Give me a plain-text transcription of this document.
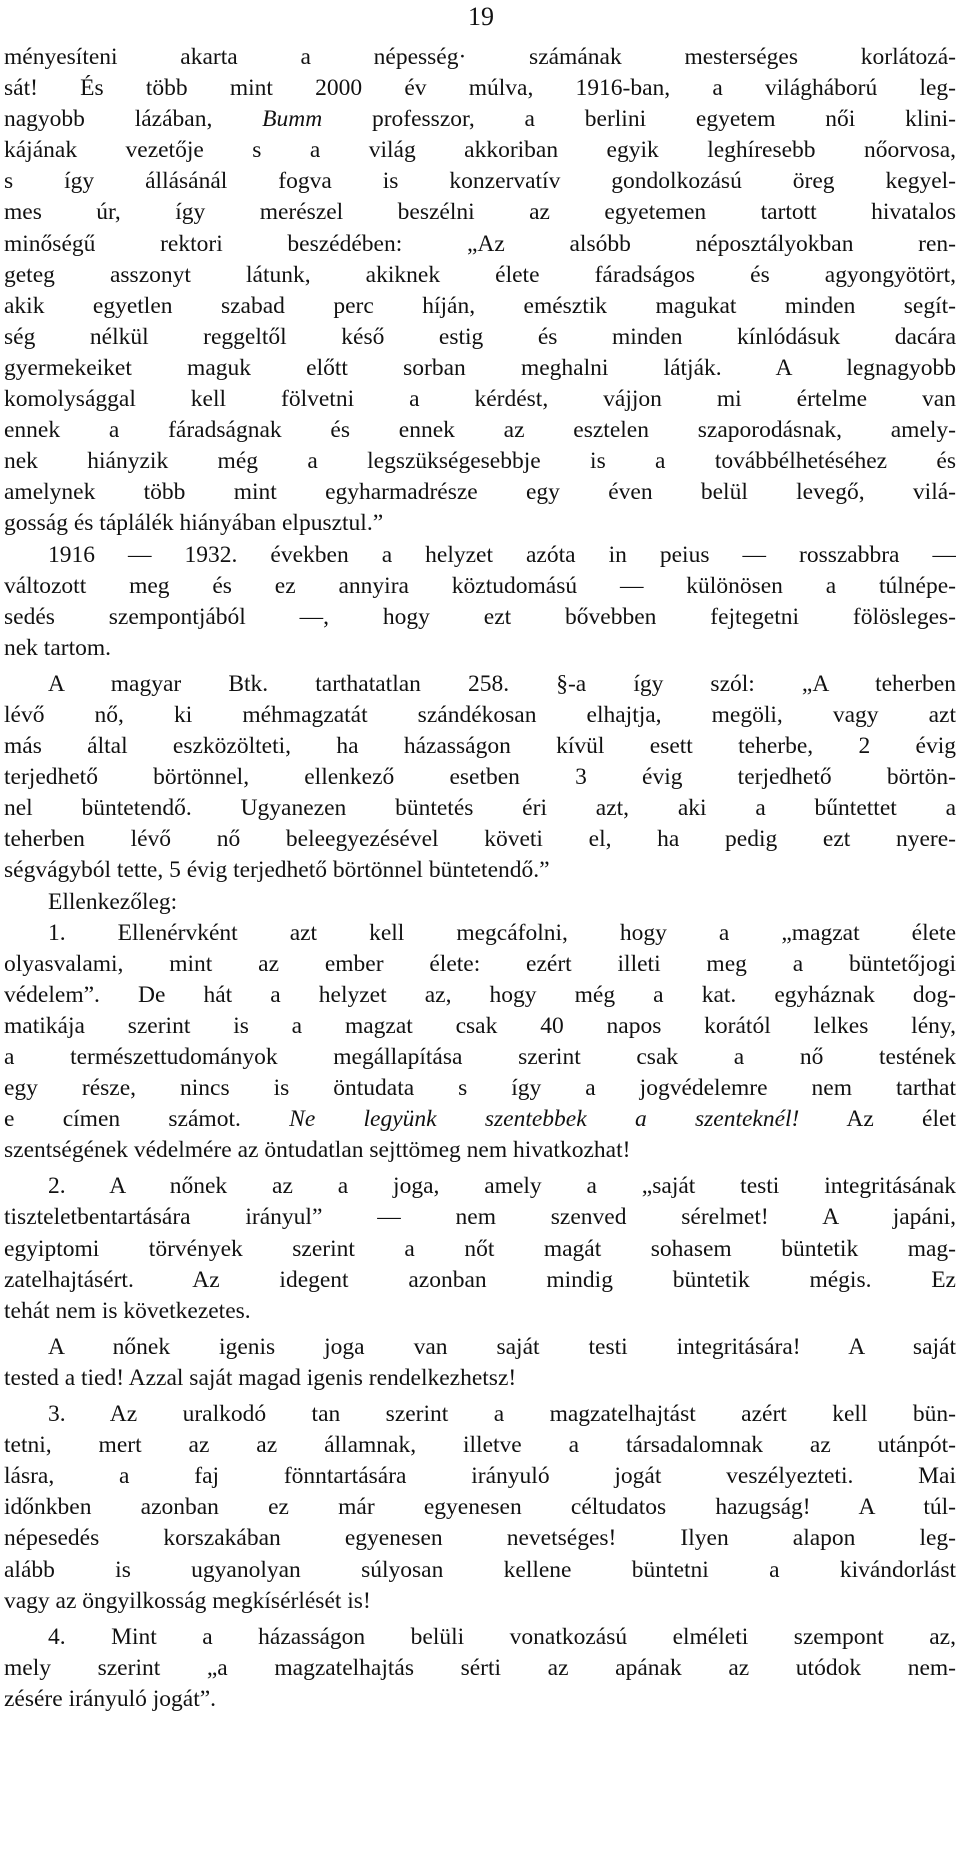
19
ményesíteni akarta a népesség· számának mesterséges korlátozá-
sát! És több mint 2000 év múlva, 1916-ban, a világháború leg-
nagyobb lázában, Bumm professzor, a berlini egyetem női klini-
kájának vezetője s a világ akkoriban egyik leghíresebb nőorvosa,
s így állásánál fogva is konzervatív gondolkozású öreg kegyel-
mes úr, így merészel beszélni az egyetemen tartott hivatalos
minőségű rektori beszédében: „Az alsóbb néposztályokban ren-
geteg asszonyt látunk, akiknek élete fáradságos és agyongyötört,
akik egyetlen szabad perc híján, emésztik magukat minden segít-
ség nélkül reggeltől késő estig és minden kínlódásuk dacára
gyermekeiket maguk előtt sorban meghalni látják. A legnagyobb
komolysággal kell fölvetni a kérdést, vájjon mi értelme van
ennek a fáradságnak és ennek az esztelen szaporodásnak, amely-
nek hiányzik még a legszükségesebbje is a továbbélhetéséhez és
amelynek több mint egyharmadrésze egy éven belül levegő, vilá-
gosság és táplálék hiányában elpusztul.”
1916 — 1932. években a helyzet azóta in peius — rosszabbra —
változott meg és ez annyira köztudomású — különösen a túlnépe-
sedés szempontjából —, hogy ezt bővebben fejtegetni fölösleges-
nek tartom.
A magyar Btk. tarthatatlan 258. §-a így szól: „A teherben
lévő nő, ki méhmagzatát szándékosan elhajtja, megöli, vagy azt
más által eszközölteti, ha házasságon kívül esett teherbe, 2 évig
terjedhető börtönnel, ellenkező esetben 3 évig terjedhető börtön-
nel büntetendő. Ugyanezen büntetés éri azt, aki a bűntettet a
teherben lévő nő beleegyezésével követi el, ha pedig ezt nyere-
ségvágyból tette, 5 évig terjedhető börtönnel büntetendő.”
Ellenkezőleg:
1. Ellenérvként azt kell megcáfolni, hogy a „magzat élete
olyasvalami, mint az ember élete: ezért illeti meg a büntetőjogi
védelem”. De hát a helyzet az, hogy még a kat. egyháznak dog-
matikája szerint is a magzat csak 40 napos korától lelkes lény,
a természettudományok megállapítása szerint csak a nő testének
egy része, nincs is öntudata s így a jogvédelemre nem tarthat
e címen számot. Ne legyünk szentebbek a szenteknél! Az élet
szentségének védelmére az öntudatlan sejttömeg nem hivatkozhat!
2. A nőnek az a joga, amely a „saját testi integritásának
tiszteletbentartására irányul” — nem szenved sérelmet! A japáni,
egyiptomi törvények szerint a nőt magát sohasem büntetik mag-
zatelhajtásért. Az idegent azonban mindig büntetik mégis. Ez
tehát nem is következetes.
A nőnek igenis joga van saját testi integritására! A saját
tested a tied! Azzal saját magad igenis rendelkezhetsz!
3. Az uralkodó tan szerint a magzatelhajtást azért kell bün-
tetni, mert az az államnak, illetve a társadalomnak az utánpót-
lásra, a faj fönntartására irányuló jogát veszélyezteti. Mai
időnkben azonban ez már egyenesen céltudatos hazugság! A túl-
népesedés korszakában egyenesen nevetséges! Ilyen alapon leg-
alább is ugyanolyan súlyosan kellene büntetni a kivándorlást
vagy az öngyilkosság megkísérlését is!
4. Mint a házasságon belüli vonatkozású elméleti szempont az,
mely szerint „a magzatelhajtás sérti az apának az utódok nem-
zésére irányuló jogát”.
